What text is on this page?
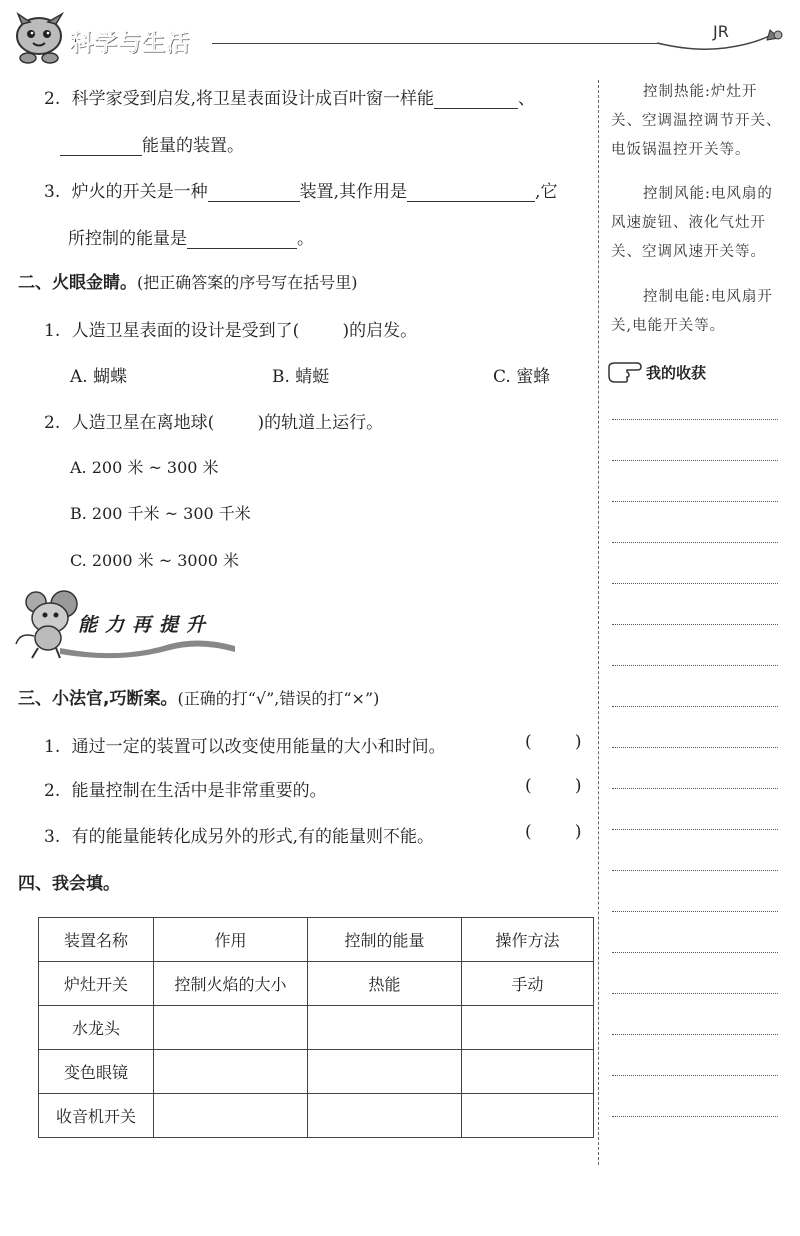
科学与生活	JR
2. 科学家受到启发,将卫星表面设计成百叶窗一样能	、
能量的装置。
3. 炉火的开关是一种	装置,其作用是	,它
所控制的能量是	。
二、火眼金睛。(把正确答案的序号写在括号里)
1. 人造卫星表面的设计是受到了(        )的启发。
A. 蝴蝶	B. 蜻蜓	C. 蜜蜂
2. 人造卫星在离地球(        )的轨道上运行。
A. 200 米 ~ 300 米
B. 200 千米 ~ 300 千米
C. 2000 米 ~ 3000 米
能力再提升
三、小法官,巧断案。(正确的打“√”,错误的打“×”)
1. 通过一定的装置可以改变使用能量的大小和时间。	(        )
2. 能量控制在生活中是非常重要的。	(        )
3. 有的能量能转化成另外的形式,有的能量则不能。	(        )
四、我会填。
装置名称	作用	控制的能量	操作方法
炉灶开关	控制火焰的大小	热能	手动
水龙头			
变色眼镜			
收音机开关			
控制热能:炉灶开关、空调温控调节开关、电饭锅温控开关等。
控制风能:电风扇的风速旋钮、液化气灶开关、空调风速开关等。
控制电能:电风扇开关,电能开关等。
我的收获
